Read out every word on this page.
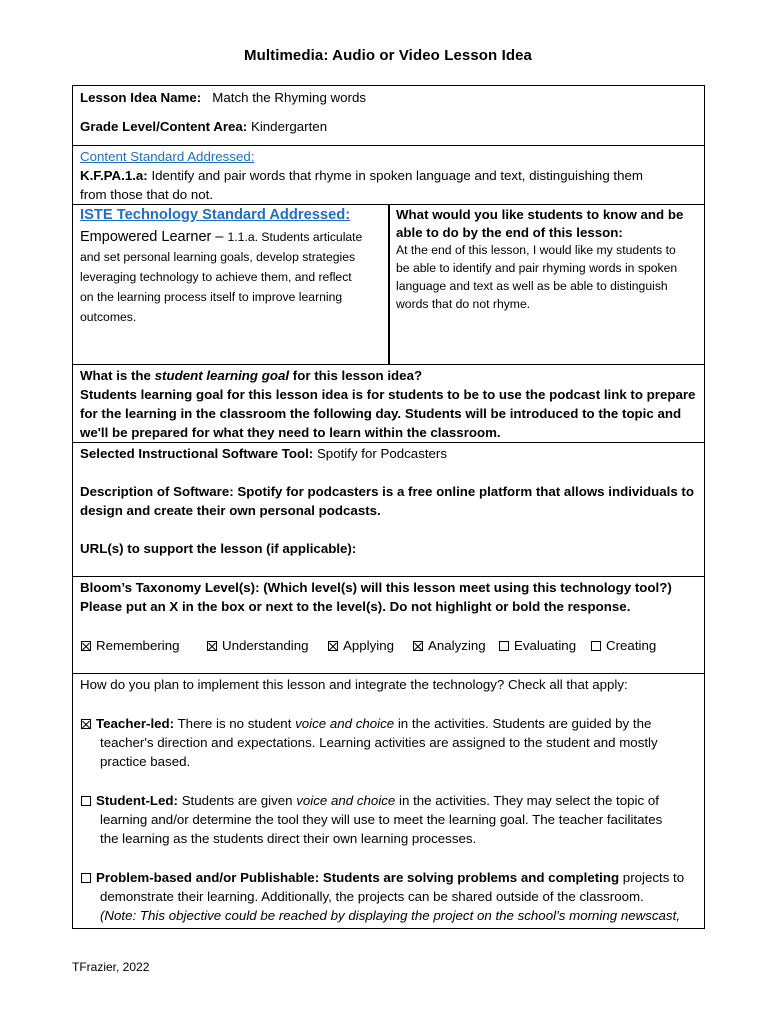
Multimedia: Audio or Video Lesson Idea
Lesson Idea Name: Match the Rhyming words
Grade Level/Content Area: Kindergarten
Content Standard Addressed:
K.F.PA.1.a: Identify and pair words that rhyme in spoken language and text, distinguishing them
from those that do not.
ISTE Technology Standard Addressed:
Empowered Learner – 1.1.a. Students articulate
and set personal learning goals, develop strategies
leveraging technology to achieve them, and reflect
on the learning process itself to improve learning
outcomes.
What would you like students to know and be
able to do by the end of this lesson:
At the end of this lesson, I would like my students to
be able to identify and pair rhyming words in spoken
language and text as well as be able to distinguish
words that do not rhyme.
What is the student learning goal for this lesson idea?
Students learning goal for this lesson idea is for students to be to use the podcast link to prepare
for the learning in the classroom the following day. Students will be introduced to the topic and
we'll be prepared for what they need to learn within the classroom.
Selected Instructional Software Tool: Spotify for Podcasters
Description of Software: Spotify for podcasters is a free online platform that allows individuals to
design and create their own personal podcasts.
URL(s) to support the lesson (if applicable):
Bloom’s Taxonomy Level(s): (Which level(s) will this lesson meet using this technology tool?)
Please put an X in the box or next to the level(s). Do not highlight or bold the response.
Remembering	Understanding	Applying	Analyzing	Evaluating	Creating
How do you plan to implement this lesson and integrate the technology? Check all that apply:
Teacher-led: There is no student voice and choice in the activities. Students are guided by the
teacher's direction and expectations. Learning activities are assigned to the student and mostly
practice based.
Student-Led: Students are given voice and choice in the activities. They may select the topic of
learning and/or determine the tool they will use to meet the learning goal. The teacher facilitates
the learning as the students direct their own learning processes.
Problem-based and/or Publishable: Students are solving problems and completing projects to
demonstrate their learning. Additionally, the projects can be shared outside of the classroom.
(Note: This objective could be reached by displaying the project on the school’s morning newscast,
TFrazier, 2022
